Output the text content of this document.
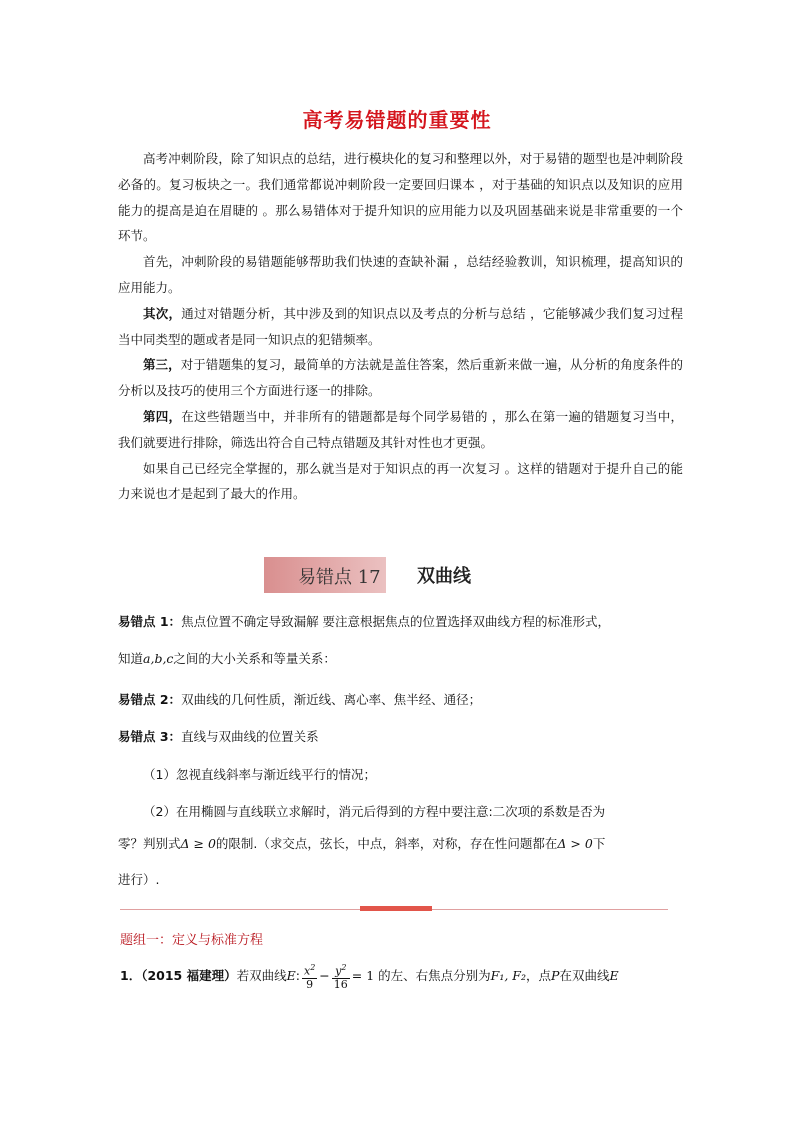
高考易错题的重要性

高考冲刺阶段，除了知识点的总结，进行模块化的复习和整理以外，对于易错的题型也是冲刺阶段必备的。复习板块之一。我们通常都说冲刺阶段一定要回归课本 ，对于基础的知识点以及知识的应用能力的提高是迫在眉睫的 。那么易错体对于提升知识的应用能力以及巩固基础来说是非常重要的一个环节。

首先，冲刺阶段的易错题能够帮助我们快速的查缺补漏 ，总结经验教训，知识梳理，提高知识的应用能力。

其次，通过对错题分析，其中涉及到的知识点以及考点的分析与总结 ，它能够减少我们复习过程当中同类型的题或者是同一知识点的犯错频率。

第三，对于错题集的复习，最简单的方法就是盖住答案，然后重新来做一遍，从分析的角度条件的分析以及技巧的使用三个方面进行逐一的排除。

第四，在这些错题当中，并非所有的错题都是每个同学易错的 ，那么在第一遍的错题复习当中，我们就要进行排除，筛选出符合自己特点错题及其针对性也才更强。

如果自己已经完全掌握的，那么就当是对于知识点的再一次复习 。这样的错题对于提升自己的能力来说也才是起到了最大的作用。

易错点 17 双曲线
易错点 1：焦点位置不确定导致漏解 要注意根据焦点的位置选择双曲线方程的标准形式，
知道a,b,c之间的大小关系和等量关系：
易错点 2：双曲线的几何性质，渐近线、离心率、焦半经、通径；
易错点 3：直线与双曲线的位置关系
（1）忽视直线斜率与渐近线平行的情况；
（2）在用椭圆与直线联立求解时，消元后得到的方程中要注意:二次项的系数是否为
零？判别式Δ ≥ 0的限制.（求交点，弦长，中点，斜率，对称，存在性问题都在Δ > 0下
进行）.
题组一：定义与标准方程
1．（2015 福建理）若双曲线E: $\frac{x^2}{9} - \frac{y^2}{16} = 1$ 的左、右焦点分别为F₁, F₂，点P在双曲线E
